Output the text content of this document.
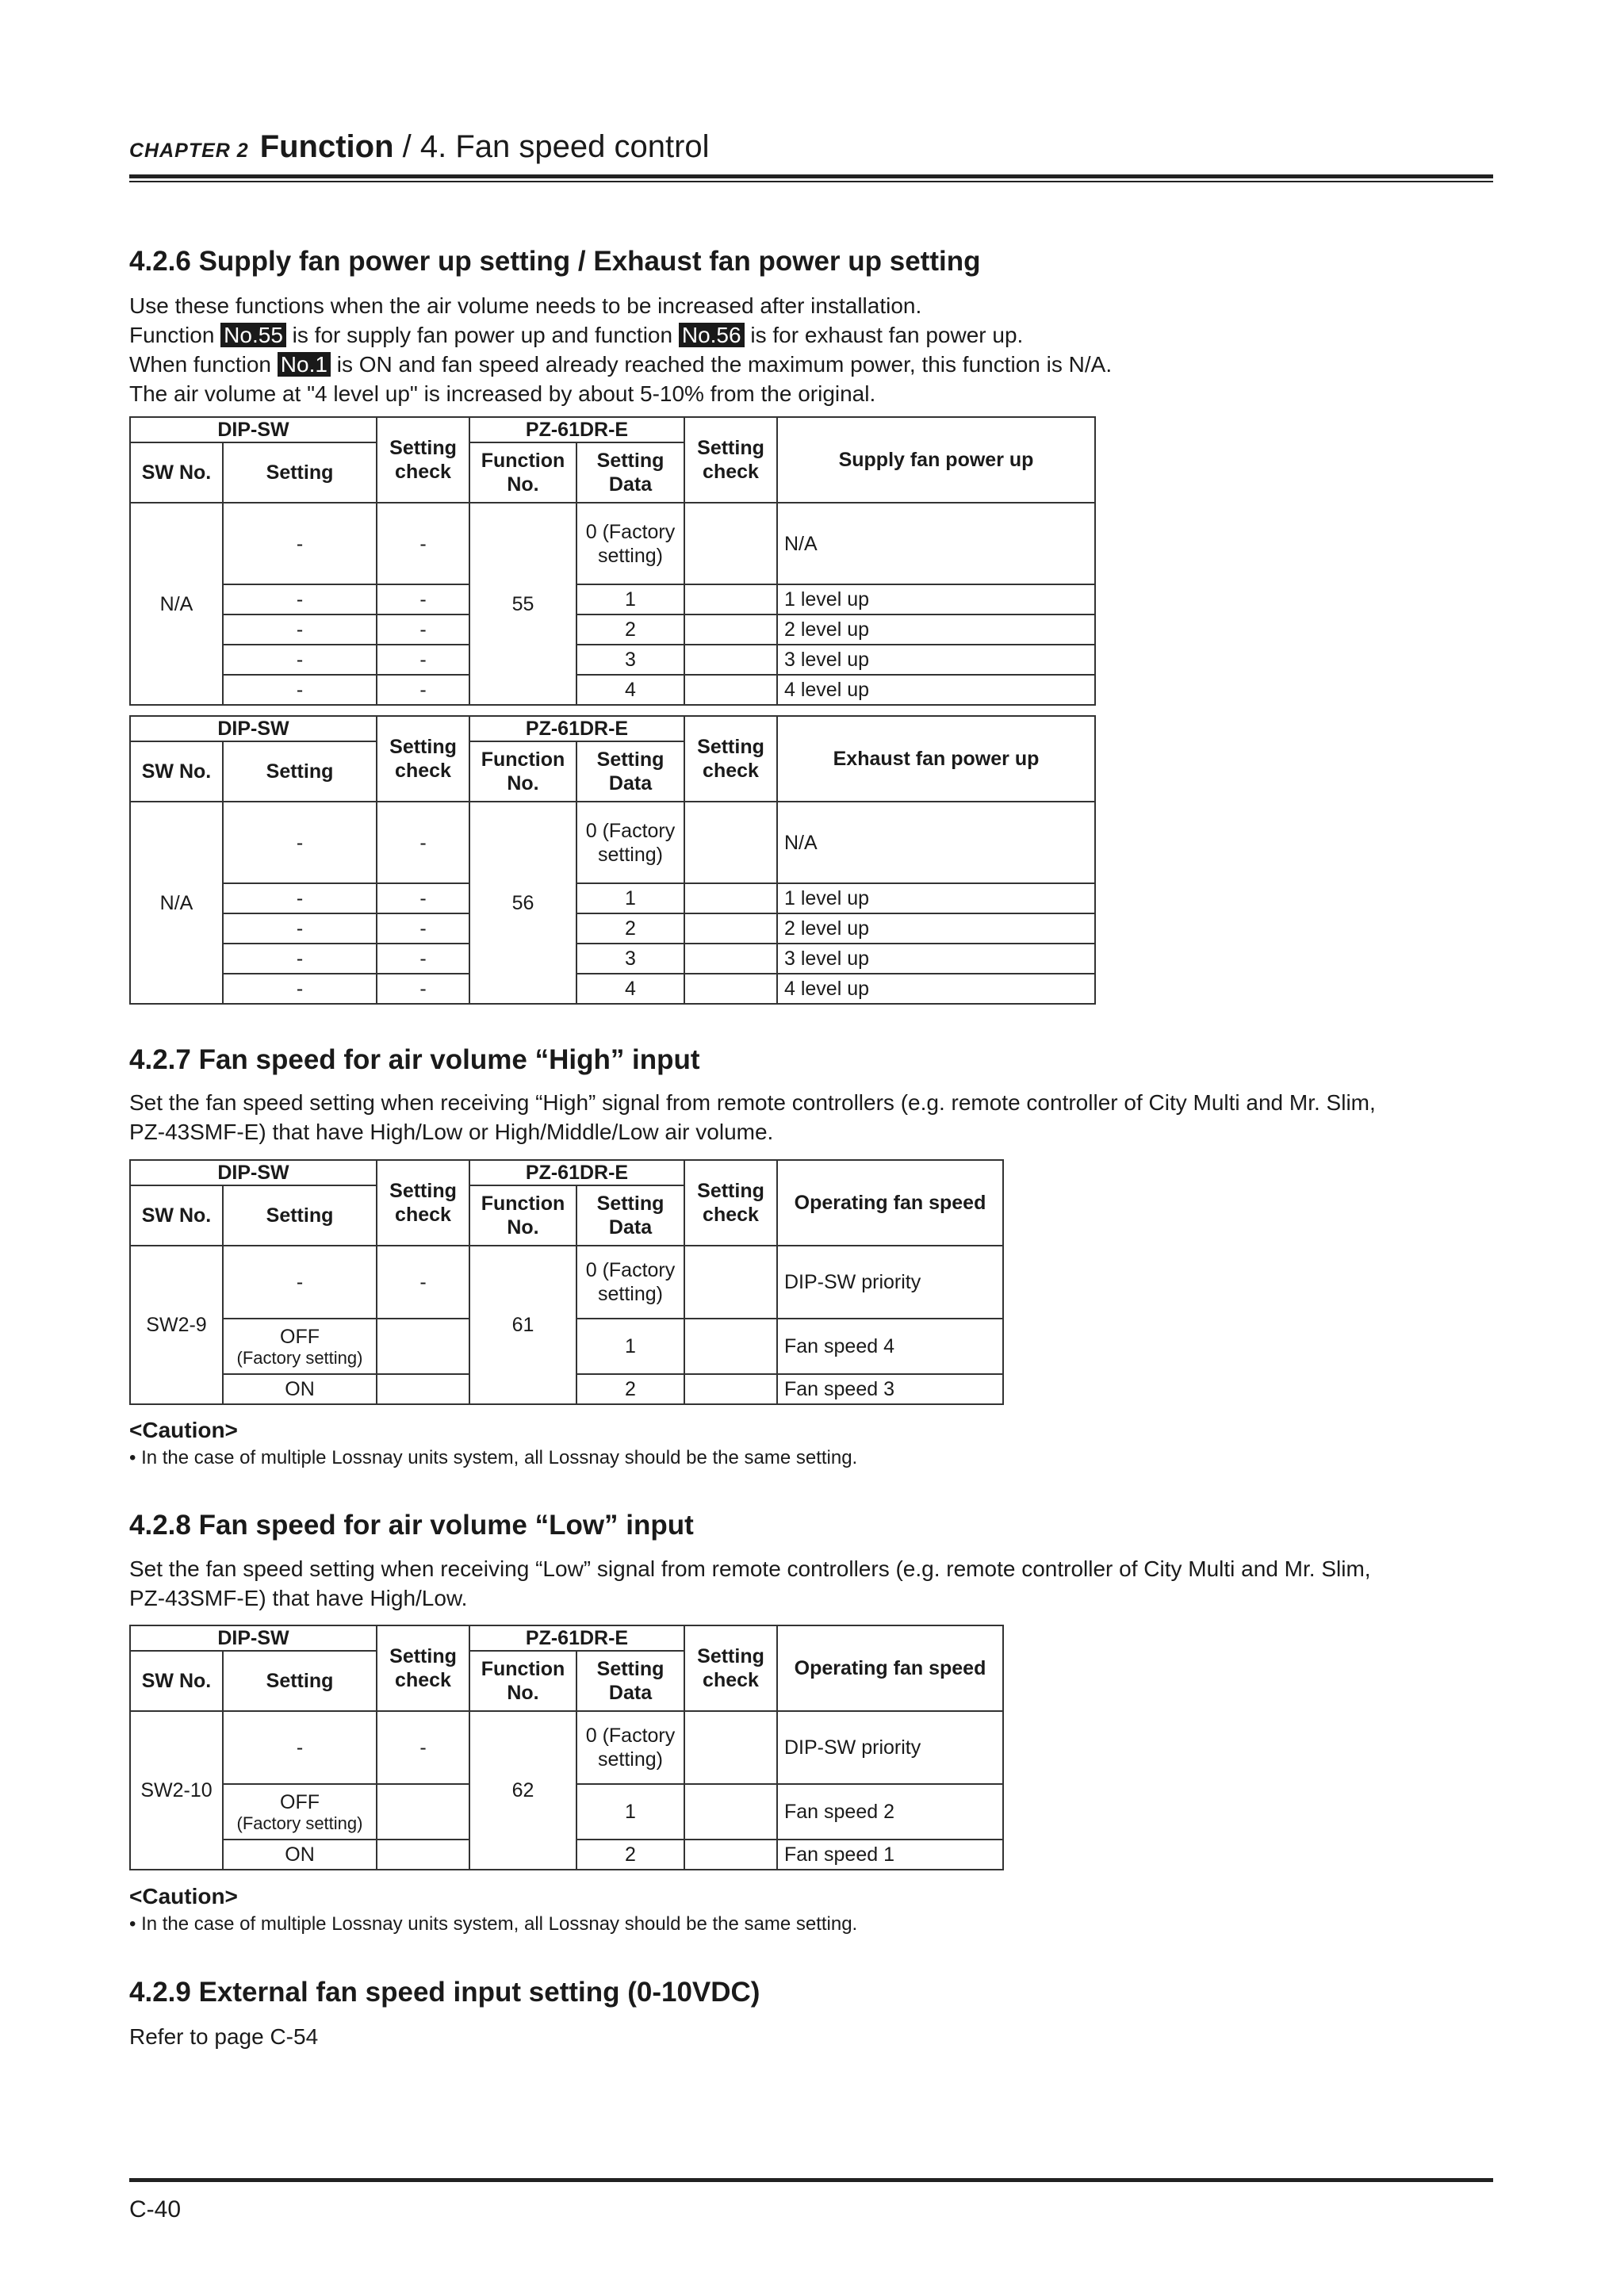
CHAPTER 2 Function / 4. Fan speed control
4.2.6 Supply fan power up setting / Exhaust fan power up setting

Use these functions when the air volume needs to be increased after installation.
Function No.55 is for supply fan power up and function No.56 is for exhaust fan power up.
When function No.1 is ON and fan speed already reached the maximum power, this function is N/A.
The air volume at "4 level up" is increased by about 5-10% from the original.

DIP-SW		Setting check	PZ-61DR-E		Setting check	Supply fan power up
SW No.	Setting		Function No.	Setting Data		
N/A	-	-	55	0 (Factory setting)		N/A
	-	-		1		1 level up
	-	-		2		2 level up
	-	-		3		3 level up
	-	-		4		4 level up
DIP-SW		Setting check	PZ-61DR-E		Setting check	Exhaust fan power up
SW No.	Setting		Function No.	Setting Data		
N/A	-	-	56	0 (Factory setting)		N/A
	-	-		1		1 level up
	-	-		2		2 level up
	-	-		3		3 level up
	-	-		4		4 level up
4.2.7 Fan speed for air volume “High” input

Set the fan speed setting when receiving “High” signal from remote controllers (e.g. remote controller of City Multi and Mr. Slim,
PZ-43SMF-E) that have High/Low or High/Middle/Low air volume.

DIP-SW		Setting check	PZ-61DR-E		Setting check	Operating fan speed
SW No.	Setting		Function No.	Setting Data		
SW2-9	-	-	61	0 (Factory setting)		DIP-SW priority
	OFF
(Factory setting)			1		Fan speed 4
	ON			2		Fan speed 3

<Caution>

• In the case of multiple Lossnay units system, all Lossnay should be the same setting.

4.2.8 Fan speed for air volume “Low” input

Set the fan speed setting when receiving “Low” signal from remote controllers (e.g. remote controller of City Multi and Mr. Slim,
PZ-43SMF-E) that have High/Low.

DIP-SW		Setting check	PZ-61DR-E		Setting check	Operating fan speed
SW No.	Setting		Function No.	Setting Data		
SW2-10	-	-	62	0 (Factory setting)		DIP-SW priority
	OFF
(Factory setting)			1		Fan speed 2
	ON			2		Fan speed 1

<Caution>

• In the case of multiple Lossnay units system, all Lossnay should be the same setting.

4.2.9 External fan speed input setting (0-10VDC)

Refer to page C-54

C-40
